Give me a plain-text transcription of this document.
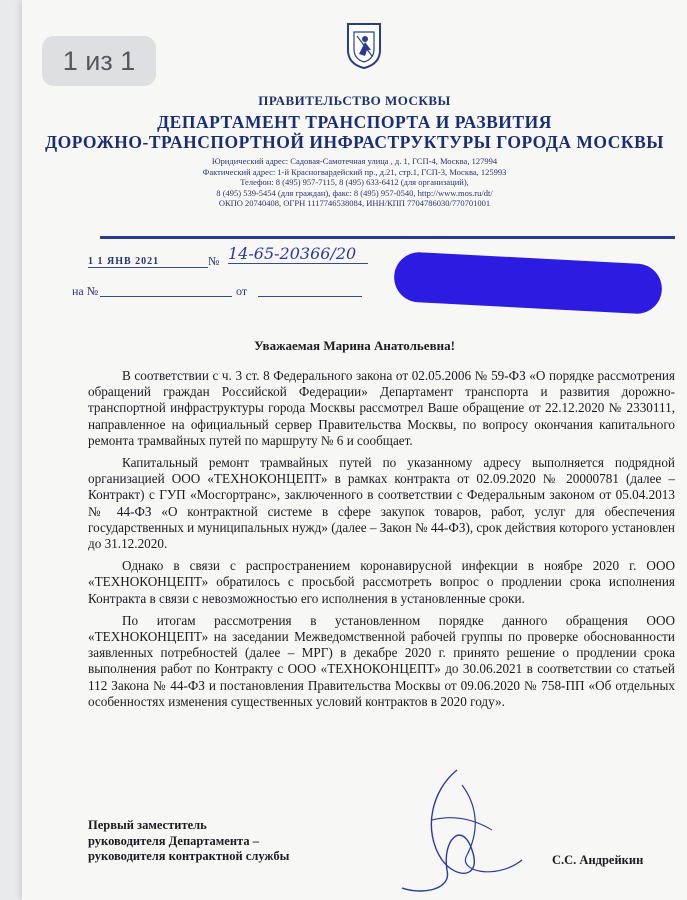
ПРАВИТЕЛЬСТВО МОСКВЫ
ДЕПАРТАМЕНТ ТРАНСПОРТА И РАЗВИТИЯ
ДОРОЖНО-ТРАНСПОРТНОЙ ИНФРАСТРУКТУРЫ ГОРОДА МОСКВЫ
Юридический адрес: Садовая-Самотечная улица , д. 1, ГСП-4, Москва, 127994
Фактический адрес: 1-й Красногвардейский пр., д.21, стр.1, ГСП-3, Москва, 125993
Телефон: 8 (495) 957-7115, 8 (495) 633-6412 (для организаций),
8 (495) 539-5454 (для граждан), факс: 8 (495) 957-0540, http://www.mos.ru/dt/
ОКПО 20740408, ОГРН 1117746538084, ИНН/КПП 7704786030/770701001
1 1 ЯНВ 2021	№ 14-65-20366/20
на №	от
Уважаемая Марина Анатольевна!

В соответствии с ч. 3 ст. 8 Федерального закона от 02.05.2006 № 59-ФЗ «О порядке рассмотрения обращений граждан Российской Федерации» Департамент транспорта и развития дорожно-транспортной инфраструктуры города Москвы рассмотрел Ваше обращение от 22.12.2020 № 2330111, направленное на официальный сервер Правительства Москвы, по вопросу окончания капитального ремонта трамвайных путей по маршруту № 6 и сообщает.

Капитальный ремонт трамвайных путей по указанному адресу выполняется подрядной организацией ООО «ТЕХНОКОНЦЕПТ» в рамках контракта от 02.09.2020 № 20000781 (далее – Контракт) с ГУП «Мосгортранс», заключенного в соответствии с Федеральным законом от 05.04.2013 № 44-ФЗ «О контрактной системе в сфере закупок товаров, работ, услуг для обеспечения государственных и муниципальных нужд» (далее – Закон № 44-ФЗ), срок действия которого установлен до 31.12.2020.

Однако в связи с распространением коронавирусной инфекции в ноябре 2020 г. ООО «ТЕХНОКОНЦЕПТ» обратилось с просьбой рассмотреть вопрос о продлении срока исполнения Контракта в связи с невозможностью его исполнения в установленные сроки.

По итогам рассмотрения в установленном порядке данного обращения ООО «ТЕХНОКОНЦЕПТ» на заседании Межведомственной рабочей группы по проверке обоснованности заявленных потребностей (далее – МРГ) в декабре 2020 г. принято решение о продлении срока выполнения работ по Контракту с ООО «ТЕХНОКОНЦЕПТ» до 30.06.2021 в соответствии со статьей 112 Закона № 44-ФЗ и постановления Правительства Москвы от 09.06.2020 № 758-ПП «Об отдельных особенностях изменения существенных условий контрактов в 2020 году».

Первый заместитель
руководителя Департамента –
руководителя контрактной службы	С.С. Андрейкин
1 из 1
